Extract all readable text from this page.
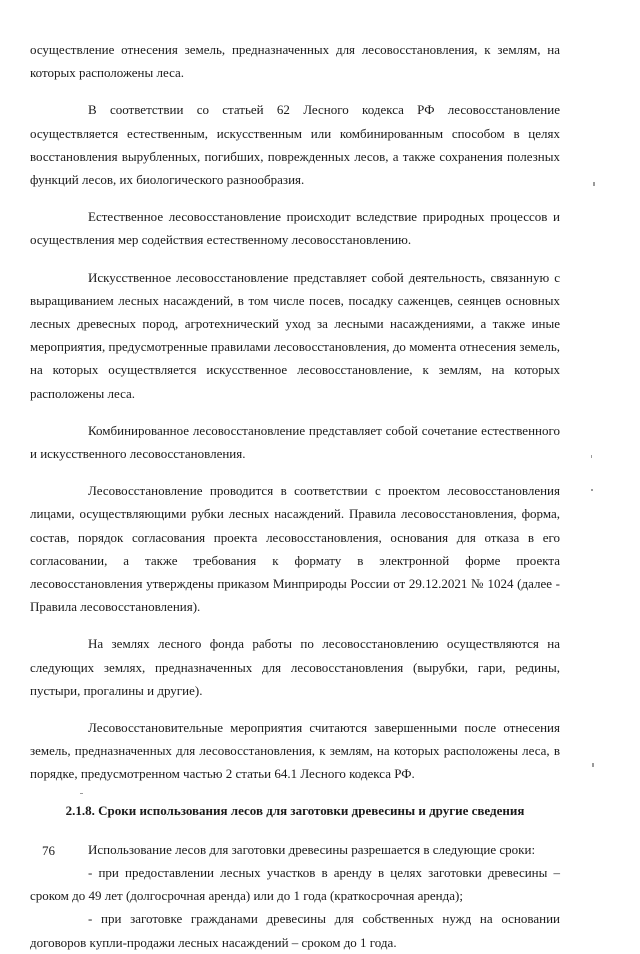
осуществление отнесения земель, предназначенных для лесовосстановления, к землям, на которых расположены леса.

В соответствии со статьей 62 Лесного кодекса РФ лесовосстановление осуществляется естественным, искусственным или комбинированным способом в целях восстановления вырубленных, погибших, поврежденных лесов, а также сохранения полезных функций лесов, их биологического разнообразия.

Естественное лесовосстановление происходит вследствие природных процессов и осуществления мер содействия естественному лесовосстановлению.

Искусственное лесовосстановление представляет собой деятельность, связанную с выращиванием лесных насаждений, в том числе посев, посадку саженцев, сеянцев основных лесных древесных пород, агротехнический уход за лесными насаждениями, а также иные мероприятия, предусмотренные правилами лесовосстановления, до момента отнесения земель, на которых осуществляется искусственное лесовосстановление, к землям, на которых расположены леса.

Комбинированное лесовосстановление представляет собой сочетание естественного и искусственного лесовосстановления.

Лесовосстановление проводится в соответствии с проектом лесовосстановления лицами, осуществляющими рубки лесных насаждений. Правила лесовосстановления, форма, состав, порядок согласования проекта лесовосстановления, основания для отказа в его согласовании, а также требования к формату в электронной форме проекта лесовосстановления утверждены приказом Минприроды России от 29.12.2021 № 1024 (далее - Правила лесовосстановления).

На землях лесного фонда работы по лесовосстановлению осуществляются на следующих землях, предназначенных для лесовосстановления (вырубки, гари, редины, пустыри, прогалины и другие).

Лесовосстановительные мероприятия считаются завершенными после отнесения земель, предназначенных для лесовосстановления, к землям, на которых расположены леса, в порядке, предусмотренном частью 2 статьи 64.1 Лесного кодекса РФ.

2.1.8. Сроки использования лесов для заготовки древесины и другие сведения

Использование лесов для заготовки древесины разрешается в следующие сроки:

- при предоставлении лесных участков в аренду в целях заготовки древесины – сроком до 49 лет (долгосрочная аренда) или до 1 года (краткосрочная аренда);

- при заготовке гражданами древесины для собственных нужд на основании договоров купли-продажи лесных насаждений – сроком до 1 года.

76
